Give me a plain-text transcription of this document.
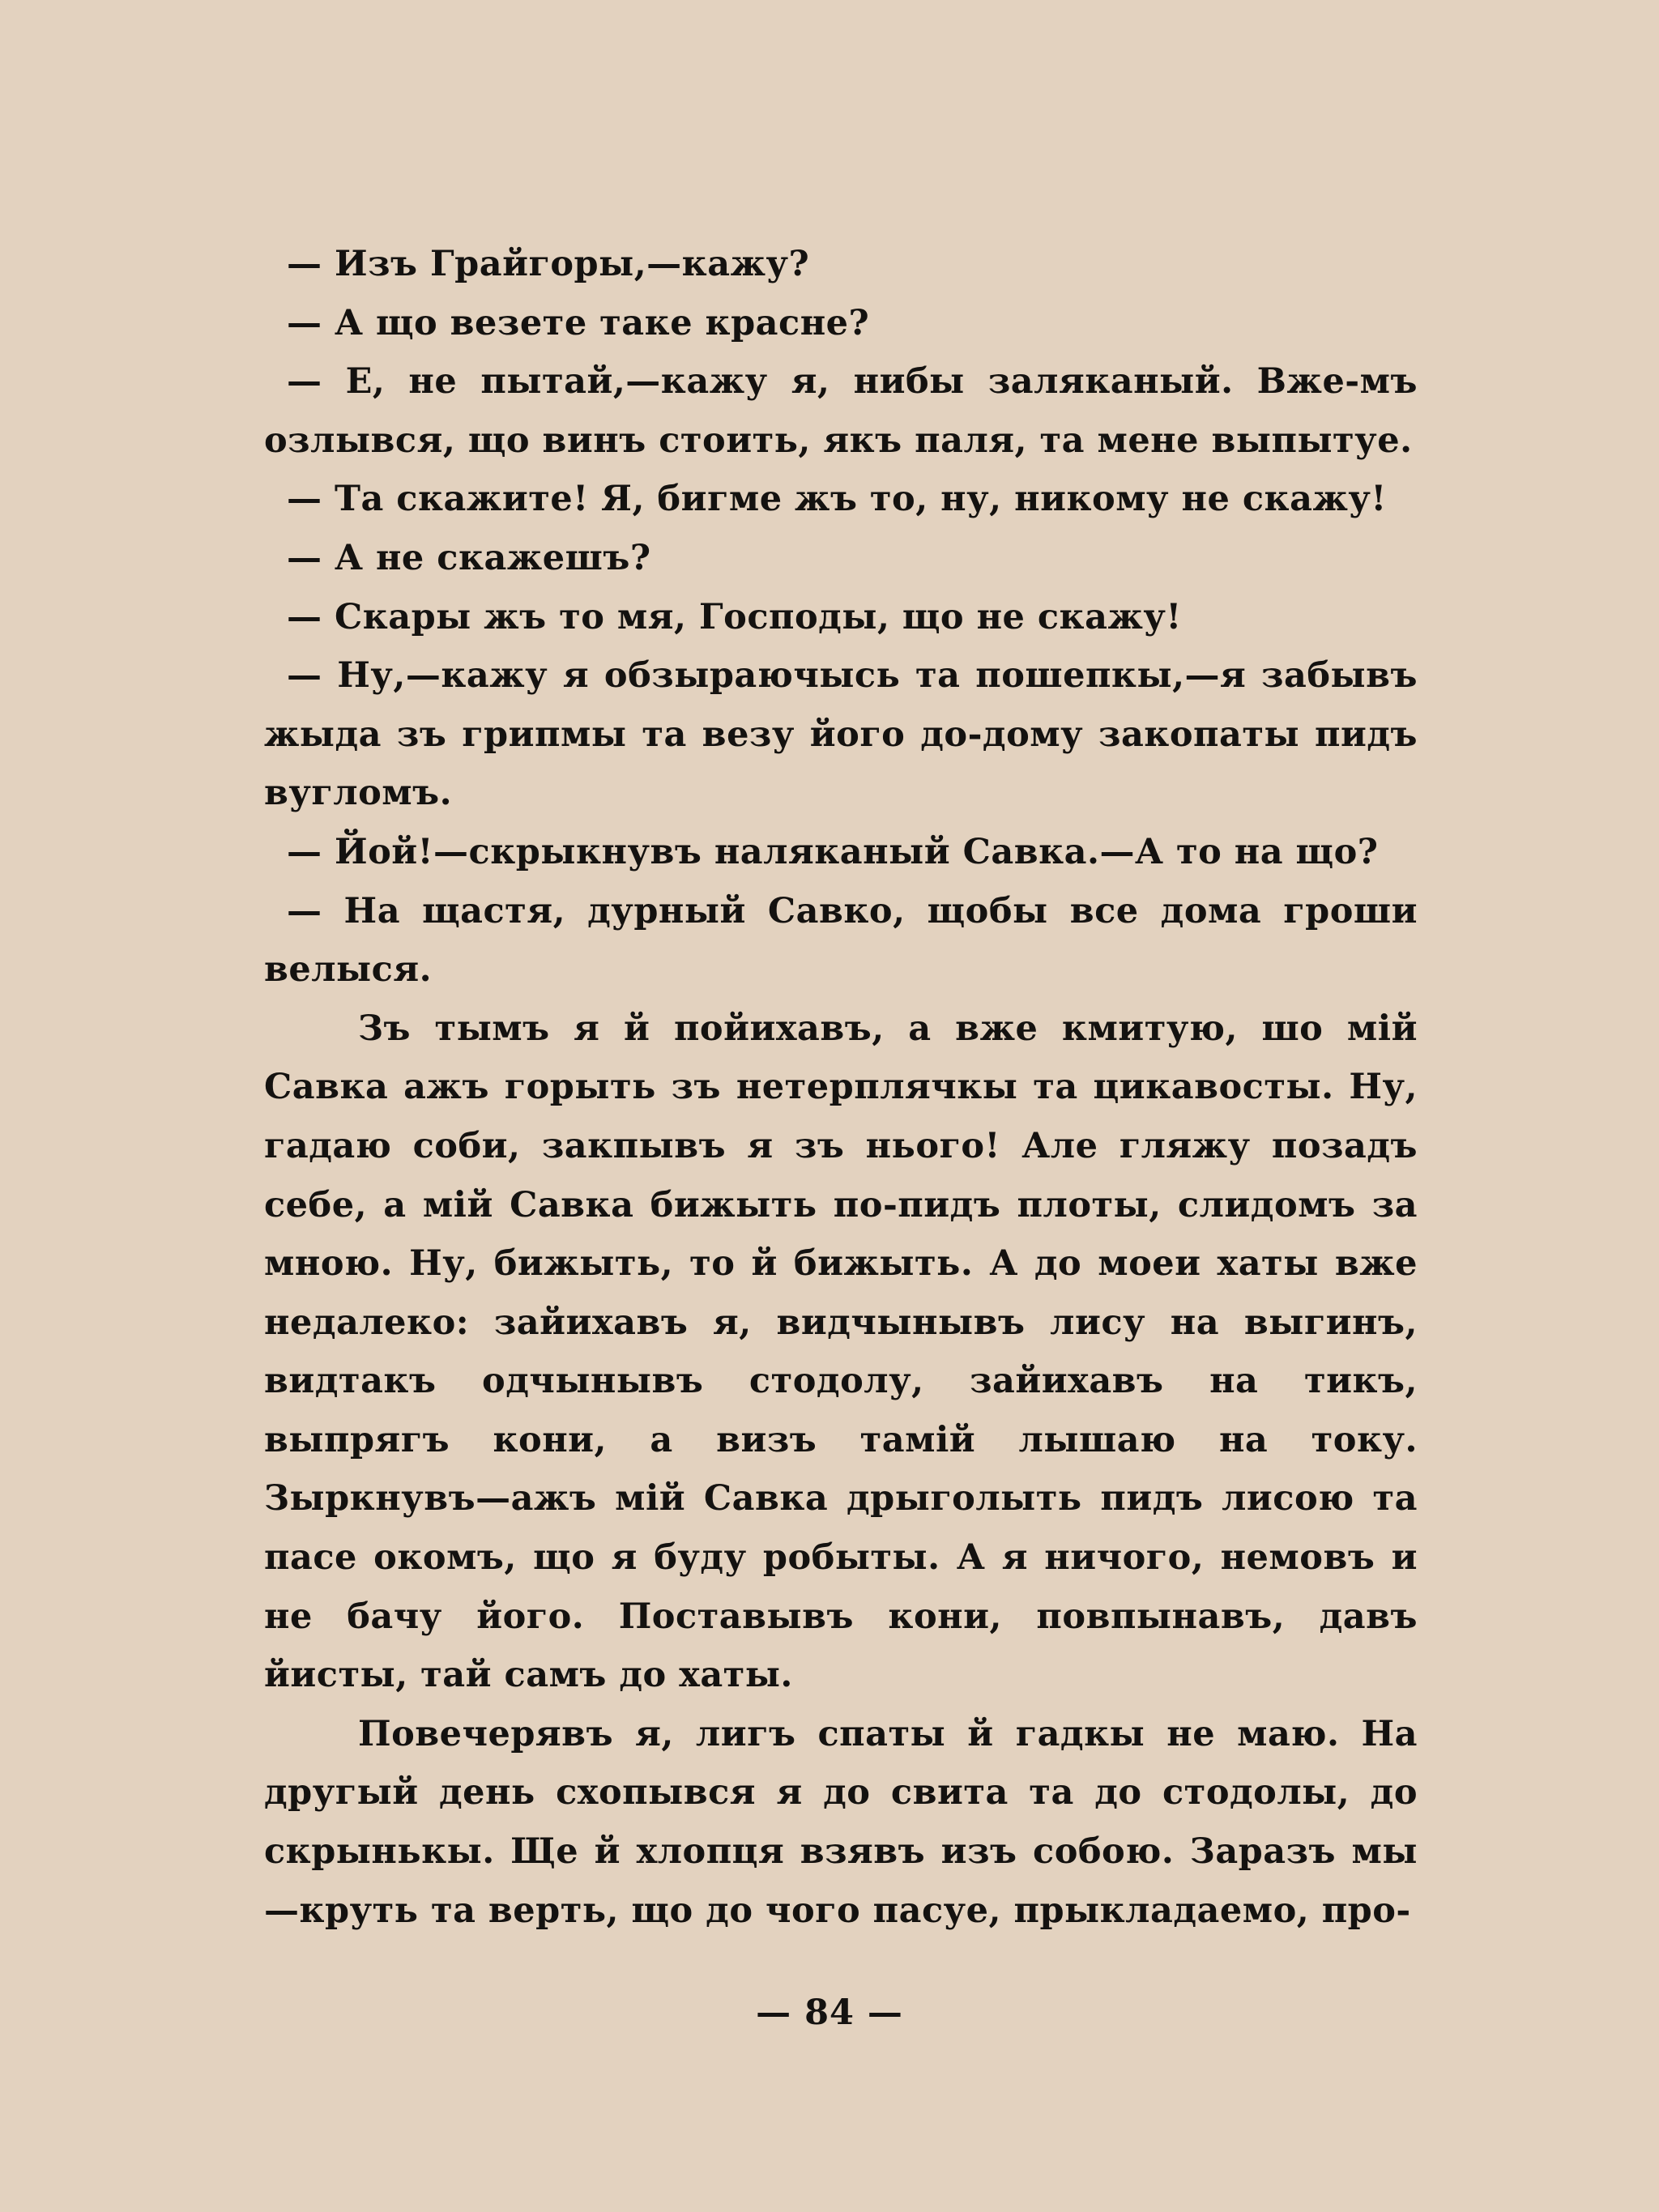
— Изъ Грайгоры,—кажу?

— А що везете таке красне?

— Е, не пытай,—кажу я, нибы заляканый. Вже-мъ озлывся, що винъ стоить, якъ паля, та мене выпытуе.

— Та скажите! Я, бигме жъ то, ну, никому не скажу!

— А не скажешъ?

— Скары жъ то мя, Господы, що не скажу!

— Ну,—кажу я обзыраючысь та пошепкы,—я забывъ жыда зъ грипмы та везу його до-дому закопаты пидъ вугломъ.

— Йой!—скрыкнувъ наляканый Савка.—А то на що?

— На щастя, дурный Савко, щобы все дома гроши велыся.

Зъ тымъ я й пойихавъ, а вже кмитую, шо мій Савка ажъ горыть зъ нетерплячкы та цикавосты. Ну, гадаю соби, закпывъ я зъ нього! Але гляжу позадъ себе, а мій Савка бижыть по-пидъ плоты, слидомъ за мною. Ну, бижыть, то й бижыть. А до моеи хаты вже недалеко: зайихавъ я, видчынывъ лису на выгинъ, видтакъ одчынывъ стодолу, зайихавъ на тикъ, выпрягъ кони, а визъ тамій лышаю на току. Зыркнувъ—ажъ мій Савка дрыголыть пидъ лисою та пасе окомъ, що я буду робыты. А я ничого, немовъ и не бачу його. Поставывъ кони, повпынавъ, давъ йисты, тай самъ до хаты.

Повечерявъ я, лигъ спаты й гадкы не маю. На другый день схопывся я до свита та до стодолы, до скрынькы. Ще й хлопця взявъ изъ собою. Заразъ мы—круть та верть, що до чого пасуе, прыкладаемо, про-

— 84 —
